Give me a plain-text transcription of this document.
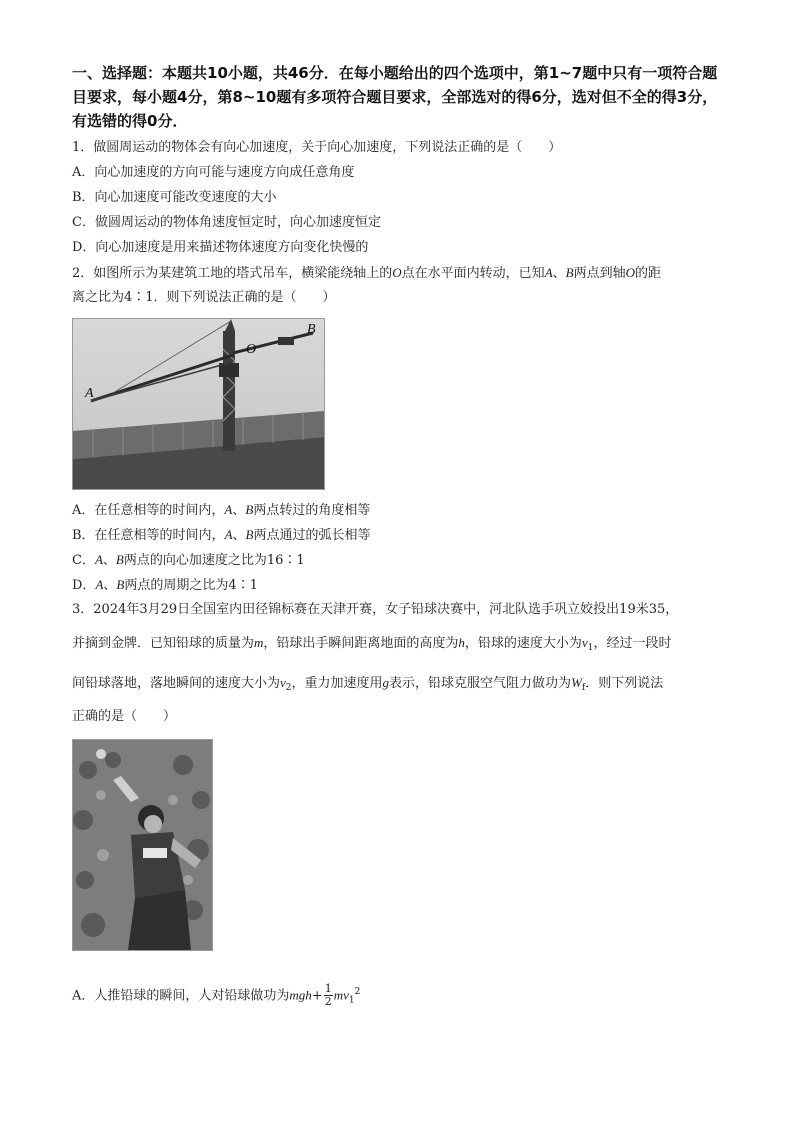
一、选择题：本题共10小题，共46分．在每小题给出的四个选项中，第1~7题中只有一项符合题目要求，每小题4分，第8~10题有多项符合题目要求，全部选对的得6分，选对但不全的得3分，有选错的得0分．
1．做圆周运动的物体会有向心加速度，关于向心加速度，下列说法正确的是（　　）
A．向心加速度的方向可能与速度方向成任意角度
B．向心加速度可能改变速度的大小
C．做圆周运动的物体角速度恒定时，向心加速度恒定
D．向心加速度是用来描述物体速度方向变化快慢的
2．如图所示为某建筑工地的塔式吊车，横梁能绕轴上的O点在水平面内转动，已知A、B两点到轴O的距
离之比为4∶1．则下列说法正确的是（　　）
A
B
O
A．在任意相等的时间内，A、B两点转过的角度相等
B．在任意相等的时间内，A、B两点通过的弧长相等
C．A、B两点的向心加速度之比为16∶1
D．A、B两点的周期之比为4∶1
3．2024年3月29日全国室内田径锦标赛在天津开赛，女子铅球决赛中，河北队选手巩立姣投出19米35，
并摘到金牌．已知铅球的质量为m，铅球出手瞬间距离地面的高度为h，铅球的速度大小为$v_1$，经过一段时
间铅球落地，落地瞬间的速度大小为$v_2$，重力加速度用g表示，铅球克服空气阻力做功为$W_f$．则下列说法
正确的是（　　）
A．人推铅球的瞬间，人对铅球做功为$mgh+ \frac{1}{2} mv_1^2$
